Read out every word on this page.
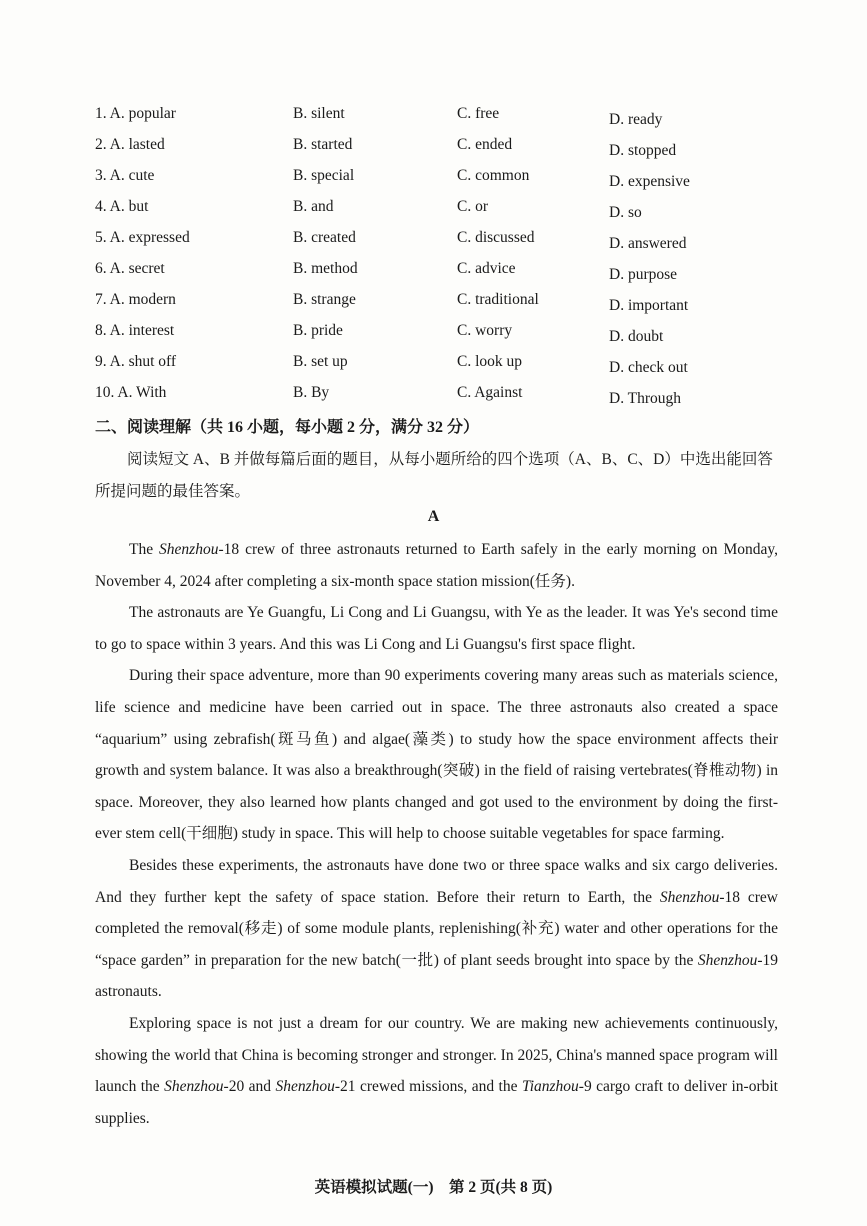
1. A. popular	B. silent	C. free	D. ready
2. A. lasted	B. started	C. ended	D. stopped
3. A. cute	B. special	C. common	D. expensive
4. A. but	B. and	C. or	D. so
5. A. expressed	B. created	C. discussed	D. answered
6. A. secret	B. method	C. advice	D. purpose
7. A. modern	B. strange	C. traditional	D. important
8. A. interest	B. pride	C. worry	D. doubt
9. A. shut off	B. set up	C. look up	D. check out
10. A. With	B. By	C. Against	D. Through
二、阅读理解（共 16 小题，每小题 2 分，满分 32 分）
阅读短文 A、B 并做每篇后面的题目，从每小题所给的四个选项（A、B、C、D）中选出能回答所提问题的最佳答案。
A

The Shenzhou-18 crew of three astronauts returned to Earth safely in the early morning on Monday, November 4, 2024 after completing a six-month space station mission(任务).

The astronauts are Ye Guangfu, Li Cong and Li Guangsu, with Ye as the leader. It was Ye's second time to go to space within 3 years. And this was Li Cong and Li Guangsu's first space flight.

During their space adventure, more than 90 experiments covering many areas such as materials science, life science and medicine have been carried out in space. The three astronauts also created a space “aquarium” using zebrafish(斑马鱼) and algae(藻类) to study how the space environment affects their growth and system balance. It was also a breakthrough(突破) in the field of raising vertebrates(脊椎动物) in space. Moreover, they also learned how plants changed and got used to the environment by doing the first-ever stem cell(干细胞) study in space. This will help to choose suitable vegetables for space farming.

Besides these experiments, the astronauts have done two or three space walks and six cargo deliveries. And they further kept the safety of space station. Before their return to Earth, the Shenzhou-18 crew completed the removal(移走) of some module plants, replenishing(补充) water and other operations for the “space garden” in preparation for the new batch(一批) of plant seeds brought into space by the Shenzhou-19 astronauts.

Exploring space is not just a dream for our country. We are making new achievements continuously, showing the world that China is becoming stronger and stronger. In 2025, China's manned space program will launch the Shenzhou-20 and Shenzhou-21 crewed missions, and the Tianzhou-9 cargo craft to deliver in-orbit supplies.

英语模拟试题(一)　第 2 页(共 8 页)
